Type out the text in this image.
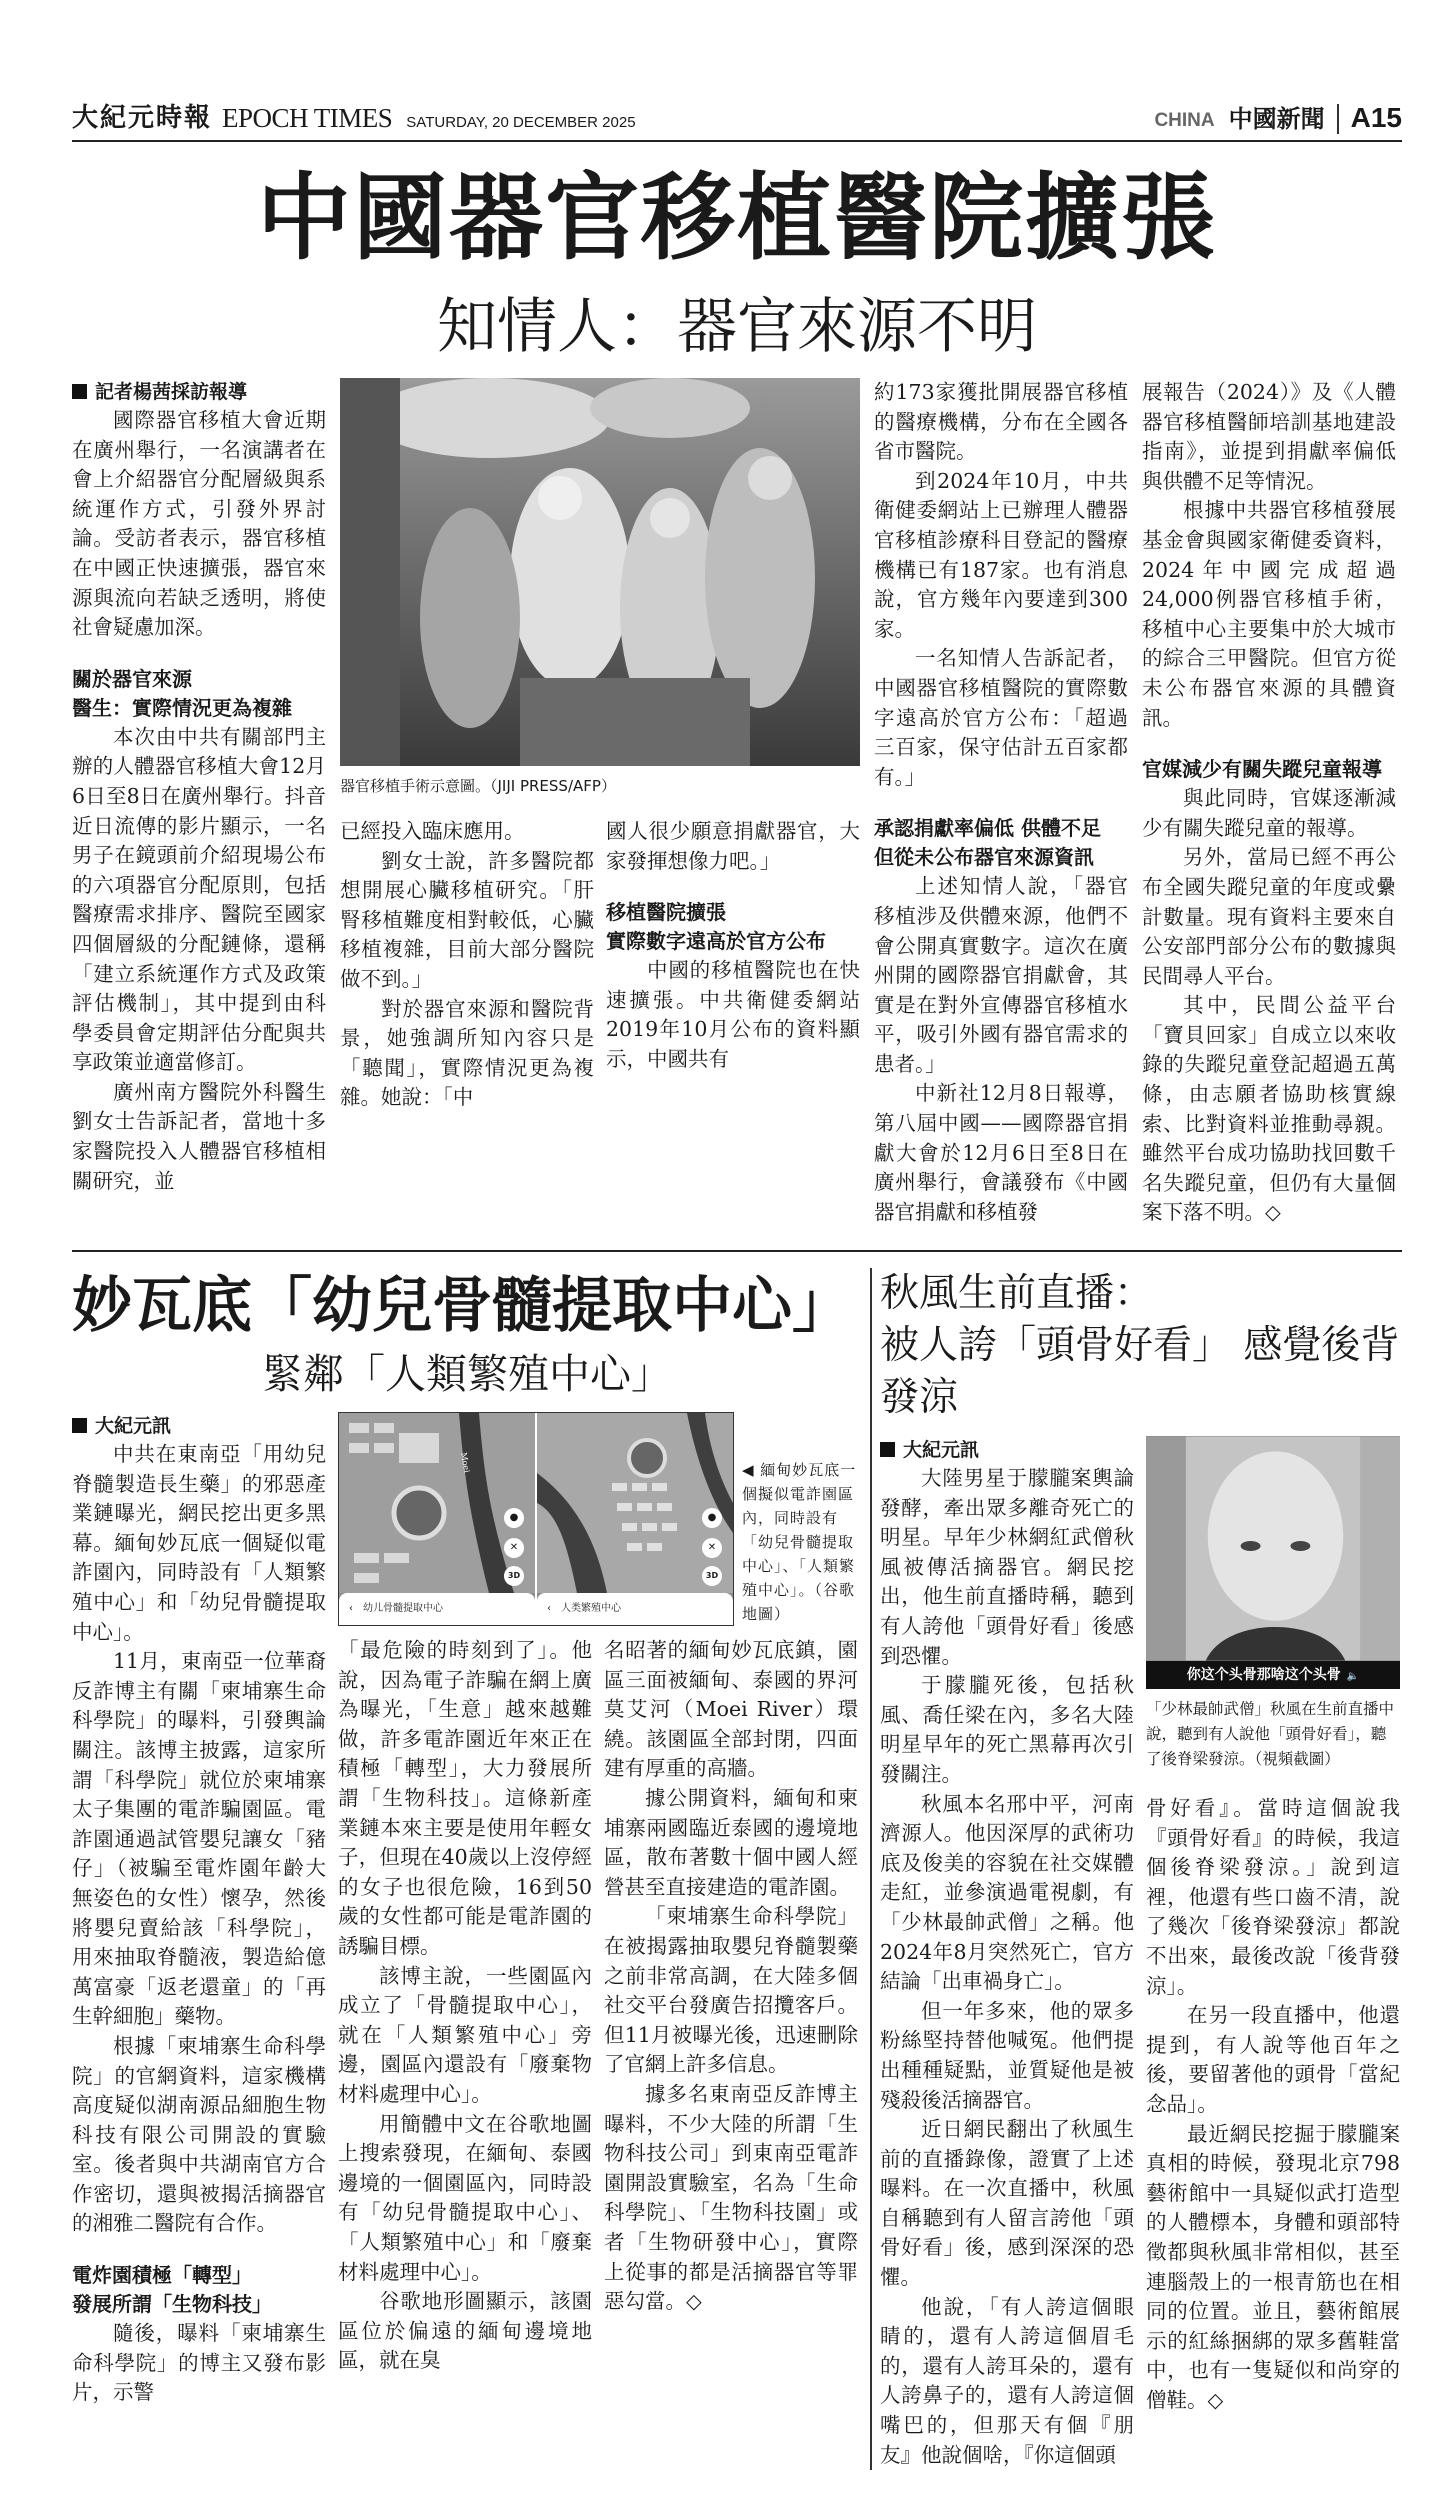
大紀元時報 EPOCH TIMES SATURDAY, 20 DECEMBER 2025	CHINA 中國新聞 A15
中國器官移植醫院擴張
知情人：器官來源不明
記者楊茜採訪報導

國際器官移植大會近期在廣州舉行，一名演講者在會上介紹器官分配層級與系統運作方式，引發外界討論。受訪者表示，器官移植在中國正快速擴張，器官來源與流向若缺乏透明，將使社會疑慮加深。

關於器官來源
醫生：實際情況更為複雜

本次由中共有關部門主辦的人體器官移植大會12月6日至8日在廣州舉行。抖音近日流傳的影片顯示，一名男子在鏡頭前介紹現場公布的六項器官分配原則，包括醫療需求排序、醫院至國家四個層級的分配鏈條，還稱「建立系統運作方式及政策評估機制」，其中提到由科學委員會定期評估分配與共享政策並適當修訂。

廣州南方醫院外科醫生劉女士告訴記者，當地十多家醫院投入人體器官移植相關研究，並

器官移植手術示意圖。（JIJI PRESS/AFP）

已經投入臨床應用。

劉女士說，許多醫院都想開展心臟移植研究。「肝腎移植難度相對較低，心臟移植複雜，目前大部分醫院做不到。」

對於器官來源和醫院背景，她強調所知內容只是「聽聞」，實際情況更為複雜。她說：「中

國人很少願意捐獻器官，大家發揮想像力吧。」

移植醫院擴張
實際數字遠高於官方公布

中國的移植醫院也在快速擴張。中共衛健委網站2019年10月公布的資料顯示，中國共有

約173家獲批開展器官移植的醫療機構，分布在全國各省市醫院。

到2024年10月，中共衛健委網站上已辦理人體器官移植診療科目登記的醫療機構已有187家。也有消息說，官方幾年內要達到300家。

一名知情人告訴記者，中國器官移植醫院的實際數字遠高於官方公布：「超過三百家，保守估計五百家都有。」

承認捐獻率偏低 供體不足
但從未公布器官來源資訊

上述知情人說，「器官移植涉及供體來源，他們不會公開真實數字。這次在廣州開的國際器官捐獻會，其實是在對外宣傳器官移植水平，吸引外國有器官需求的患者。」

中新社12月8日報導，第八屆中國——國際器官捐獻大會於12月6日至8日在廣州舉行，會議發布《中國器官捐獻和移植發

展報告（2024）》及《人體器官移植醫師培訓基地建設指南》，並提到捐獻率偏低與供體不足等情況。

根據中共器官移植發展基金會與國家衛健委資料，2024年中國完成超過24,000例器官移植手術，移植中心主要集中於大城市的綜合三甲醫院。但官方從未公布器官來源的具體資訊。

官媒減少有關失蹤兒童報導

與此同時，官媒逐漸減少有關失蹤兒童的報導。

另外，當局已經不再公布全國失蹤兒童的年度或纍計數量。現有資料主要來自公安部門部分公布的數據與民間尋人平台。

其中，民間公益平台「寶貝回家」自成立以來收錄的失蹤兒童登記超過五萬條，由志願者協助核實線索、比對資料並推動尋親。雖然平台成功協助找回數千名失蹤兒童，但仍有大量個案下落不明。◇

妙瓦底「幼兒骨髓提取中心」
緊鄰「人類繁殖中心」
大紀元訊

中共在東南亞「用幼兒脊髓製造長生藥」的邪惡產業鏈曝光，網民挖出更多黑幕。緬甸妙瓦底一個疑似電詐園內，同時設有「人類繁殖中心」和「幼兒骨髓提取中心」。

11月，東南亞一位華裔反詐博主有關「柬埔寨生命科學院」的曝料，引發輿論關注。該博主披露，這家所謂「科學院」就位於柬埔寨太子集團的電詐騙園區。電詐園通過試管嬰兒讓女「豬仔」（被騙至電炸園年齡大無姿色的女性）懷孕，然後將嬰兒賣給該「科學院」，用來抽取脊髓液，製造給億萬富豪「返老還童」的「再生幹細胞」藥物。

根據「柬埔寨生命科學院」的官網資料，這家機構高度疑似湖南源品細胞生物科技有限公司開設的實驗室。後者與中共湖南官方合作密切，還與被揭活摘器官的湘雅二醫院有合作。

電炸園積極「轉型」
發展所謂「生物科技」

隨後，曝料「柬埔寨生命科學院」的博主又發布影片，示警

Moei
●
✕
3D
‹ 幼儿骨髓提取中心
●
✕
3D
‹ 人类繁殖中心
◀ 緬甸妙瓦底一個擬似電詐園區內，同時設有「幼兒骨髓提取中心」、「人類繁殖中心」。（谷歌地圖）

「最危險的時刻到了」。他說，因為電子詐騙在網上廣為曝光，「生意」越來越難做，許多電詐園近年來正在積極「轉型」，大力發展所謂「生物科技」。這條新產業鏈本來主要是使用年輕女子，但現在40歲以上沒停經的女子也很危險，16到50歲的女性都可能是電詐園的誘騙目標。

該博主說，一些園區內成立了「骨髓提取中心」，就在「人類繁殖中心」旁邊，園區內還設有「廢棄物材料處理中心」。

用簡體中文在谷歌地圖上搜索發現，在緬甸、泰國邊境的一個園區內，同時設有「幼兒骨髓提取中心」、「人類繁殖中心」和「廢棄材料處理中心」。

谷歌地形圖顯示，該園區位於偏遠的緬甸邊境地區，就在臭

名昭著的緬甸妙瓦底鎮，園區三面被緬甸、泰國的界河莫艾河（Moei River）環繞。該園區全部封閉，四面建有厚重的高牆。

據公開資料，緬甸和柬埔寨兩國臨近泰國的邊境地區，散布著數十個中國人經營甚至直接建造的電詐園。

「柬埔寨生命科學院」在被揭露抽取嬰兒脊髓製藥之前非常高調，在大陸多個社交平台發廣告招攬客戶。但11月被曝光後，迅速刪除了官網上許多信息。

據多名東南亞反詐博主曝料，不少大陸的所謂「生物科技公司」到東南亞電詐園開設實驗室，名為「生命科學院」、「生物科技園」或者「生物研發中心」，實際上從事的都是活摘器官等罪惡勾當。◇

秋風生前直播：
被人誇「頭骨好看」 感覺後背發涼
大紀元訊

大陸男星于朦朧案輿論發酵，牽出眾多離奇死亡的明星。早年少林網紅武僧秋風被傳活摘器官。網民挖出，他生前直播時稱，聽到有人誇他「頭骨好看」後感到恐懼。

于朦朧死後，包括秋風、喬任梁在內，多名大陸明星早年的死亡黑幕再次引發關注。

秋風本名邢中平，河南濟源人。他因深厚的武術功底及俊美的容貌在社交媒體走紅，並參演過電視劇，有「少林最帥武僧」之稱。他2024年8月突然死亡，官方結論「出車禍身亡」。

但一年多來，他的眾多粉絲堅持替他喊冤。他們提出種種疑點，並質疑他是被殘殺後活摘器官。

近日網民翻出了秋風生前的直播錄像，證實了上述曝料。在一次直播中，秋風自稱聽到有人留言誇他「頭骨好看」後，感到深深的恐懼。

他說，「有人誇這個眼睛的，還有人誇這個眉毛的，還有人誇耳朵的，還有人誇鼻子的，還有人誇這個嘴巴的，但那天有個『朋友』他說個啥，『你這個頭

你这个头骨那啥这个头骨 🔈
「少林最帥武僧」秋風在生前直播中說，聽到有人說他「頭骨好看」，聽了後脊梁發涼。（視頻截圖）

骨好看』。當時這個說我『頭骨好看』的時候，我這個後脊梁發涼。」說到這裡，他還有些口齒不清，說了幾次「後脊梁發涼」都說不出來，最後改說「後背發涼」。

在另一段直播中，他還提到，有人說等他百年之後，要留著他的頭骨「當紀念品」。

最近網民挖掘于朦朧案真相的時候，發現北京798藝術館中一具疑似武打造型的人體標本，身體和頭部特徵都與秋風非常相似，甚至連腦殼上的一根青筋也在相同的位置。並且，藝術館展示的紅絲捆綁的眾多舊鞋當中，也有一隻疑似和尚穿的僧鞋。◇
